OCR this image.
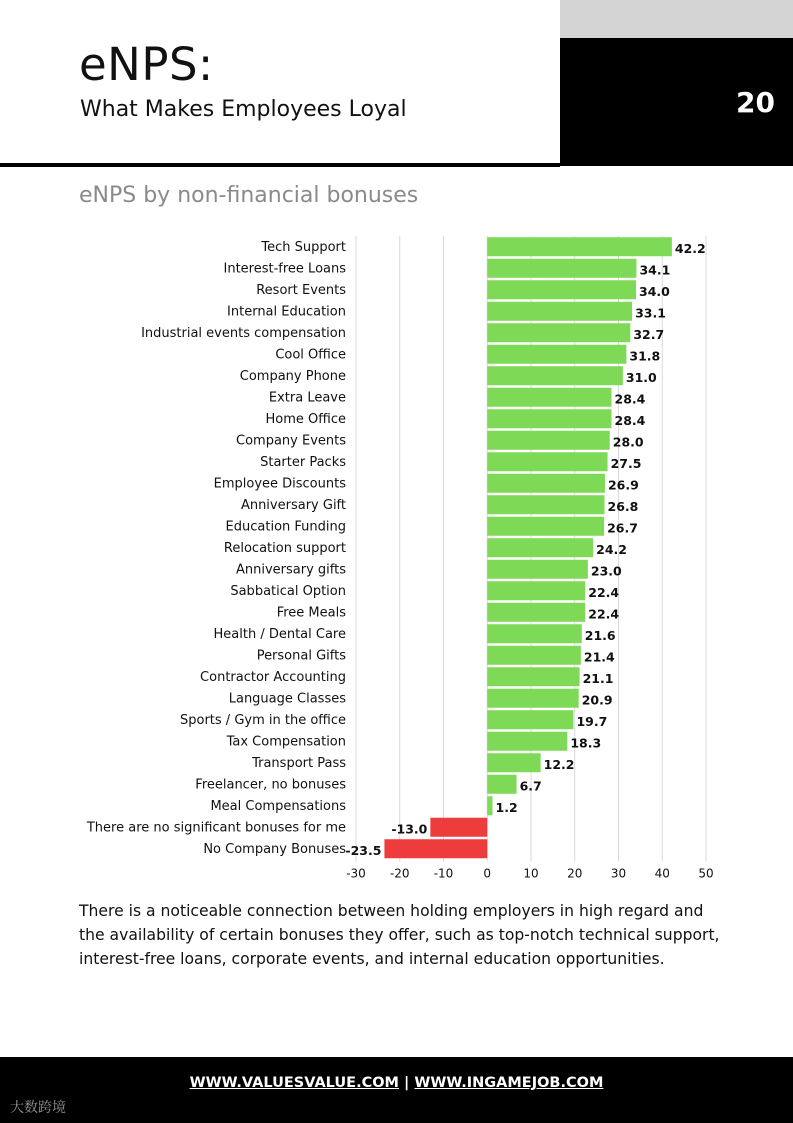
20
eNPS:
What Makes Employees Loyal
eNPS by non-financial bonuses
Tech Support	42.2
Interest-free Loans	34.1
Resort Events	34.0
Internal Education	33.1
Industrial events compensation	32.7
Cool Office	31.8
Company Phone	31.0
Extra Leave	28.4
Home Office	28.4
Company Events	28.0
Starter Packs	27.5
Employee Discounts	26.9
Anniversary Gift	26.8
Education Funding	26.7
Relocation support	24.2
Anniversary gifts	23.0
Sabbatical Option	22.4
Free Meals	22.4
Health / Dental Care	21.6
Personal Gifts	21.4
Contractor Accounting	21.1
Language Classes	20.9
Sports / Gym in the office	19.7
Tax Compensation	18.3
Transport Pass	12.2
Freelancer, no bonuses	6.7
Meal Compensations	1.2
There are no significant bonuses for me	-13.0
No Company Bonuses -23.5
-30 -20 -10	0	10 20 30 40 50
There is a noticeable connection between holding employers in high regard and the availability of certain bonuses they offer, such as top-notch technical support, interest-free loans, corporate events, and internal education opportunities.
WWW.VALUESVALUE.COM | WWW.INGAMEJOB.COM
大数跨境
